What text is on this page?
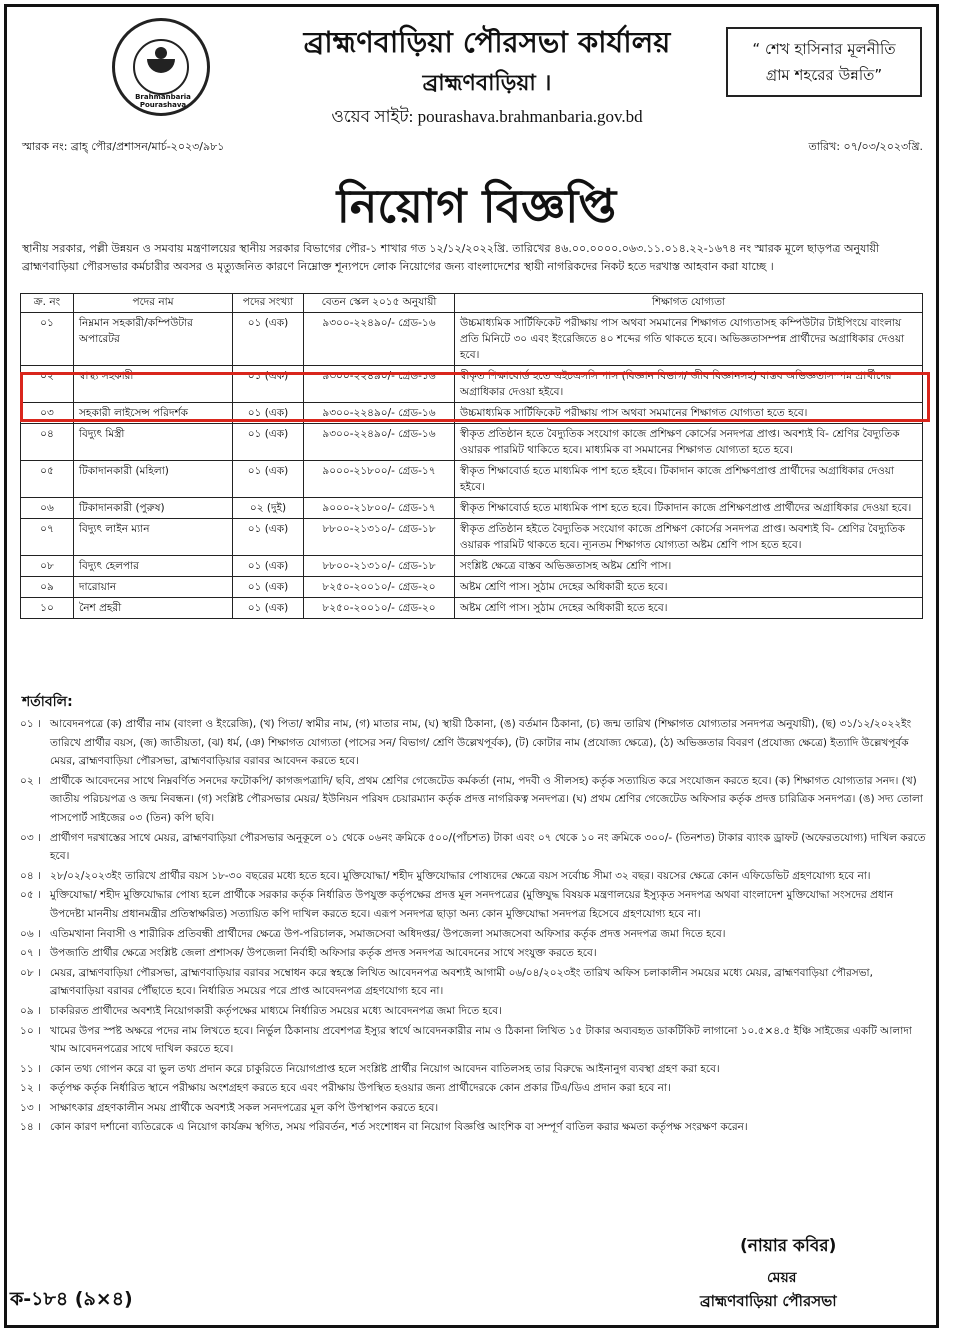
Brahmanbaria Pourashava
ব্রাহ্মণবাড়িয়া পৌরসভা কার্যালয়
ব্রাহ্মণবাড়িয়া ।
ওয়েব সাইট: pourashava.brahmanbaria.gov.bd
“ শেখ হাসিনার মূলনীতি
গ্রাম শহরের উন্নতি”
স্মারক নং: ব্রাহ্‌ পৌর/প্রশাসন/মার্চ-২০২৩/৯৮১	তারিখ: ০৭/০৩/২০২৩খ্রি.
নিয়োগ বিজ্ঞপ্তি
স্থানীয় সরকার, পল্লী উন্নয়ন ও সমবায় মন্ত্রণালয়ের স্থানীয় সরকার বিভাগের পৌর-১ শাখার গত ১২/১২/২০২২খ্রি. তারিখের ৪৬.০০.০০০০.০৬৩.১১.০১৪.২২-১৬৭৪ নং স্মারক মূলে ছাড়পত্র অনুযায়ী ব্রাহ্মণবাড়িয়া পৌরসভার কর্মচারীর অবসর ও মৃত্যুজনিত কারণে নিম্নোক্ত শূন্যপদে লোক নিয়োগের জন্য বাংলাদেশের স্থায়ী নাগরিকদের নিকট হতে দরখাস্ত আহবান করা যাচ্ছে ।
ক্র. নং	পদের নাম	পদের সংখ্যা	বেতন স্কেল ২০১৫ অনুযায়ী	শিক্ষাগত যোগ্যতা
০১	নিম্নমান সহকারী/কম্পিউটার অপারেটর	০১ (এক)	৯৩০০-২২৪৯০/- গ্রেড-১৬	উচ্চমাধ্যমিক সার্টিফিকেট পরীক্ষায় পাস অথবা সমমানের শিক্ষাগত যোগ্যতাসহ কম্পিউটার টাইপিংয়ে বাংলায় প্রতি মিনিটে ৩০ এবং ইংরেজিতে ৪০ শব্দের গতি থাকতে হবে। অভিজ্ঞতাসম্পন্ন প্রার্থীদের অগ্রাধিকার দেওয়া হবে।
০২	স্বাস্থ্য সহকারী	০১ (এক)	৯৩০০-২২৪৯০/- গ্রেড-১৬	স্বীকৃত শিক্ষাবোর্ড হতে এইচএসসি পাস (বিজ্ঞান বিভাগ/ জীব বিজ্ঞানসহ) বাস্তব অভিজ্ঞতাসম্পন্ন প্রার্থীদের অগ্রাধিকার দেওয়া হইবে।
০৩	সহকারী লাইসেন্স পরিদর্শক	০১ (এক)	৯৩০০-২২৪৯০/- গ্রেড-১৬	উচ্চমাধ্যমিক সার্টিফিকেট পরীক্ষায় পাস অথবা সমমানের শিক্ষাগত যোগ্যতা হতে হবে।
০৪	বিদ্যুৎ মিস্ত্রী	০১ (এক)	৯৩০০-২২৪৯০/- গ্রেড-১৬	স্বীকৃত প্রতিষ্ঠান হতে বৈদ্যুতিক সংযোগ কাজে প্রশিক্ষণ কোর্সের সনদপত্র প্রাপ্ত। অবশ্যই বি- শ্রেণির বৈদ্যুতিক ওয়ারক পারমিট থাকিতে হবে। মাধ্যমিক বা সমমানের শিক্ষাগত যোগ্যতা হতে হবে।
০৫	টিকাদানকারী (মহিলা)	০১ (এক)	৯০০০-২১৮০০/- গ্রেড-১৭	স্বীকৃত শিক্ষাবোর্ড হতে মাধ্যমিক পাশ হতে হইবে। টিকাদান কাজে প্রশিক্ষণপ্রাপ্ত প্রার্থীদের অগ্রাধিকার দেওয়া হইবে।
০৬	টিকাদানকারী (পুরুষ)	০২ (দুই)	৯০০০-২১৮০০/- গ্রেড-১৭	স্বীকৃত শিক্ষাবোর্ড হতে মাধ্যমিক পাশ হতে হবে। টিকাদান কাজে প্রশিক্ষণপ্রাপ্ত প্রার্থীদের অগ্রাধিকার দেওয়া হবে।
০৭	বিদ্যুৎ লাইন ম্যান	০১ (এক)	৮৮০০-২১৩১০/- গ্রেড-১৮	স্বীকৃত প্রতিষ্ঠান হইতে বৈদ্যুতিক সংযোগ কাজে প্রশিক্ষণ কোর্সের সনদপত্র প্রাপ্ত। অবশ্যই বি- শ্রেণির বৈদ্যুতিক ওয়ারক পারমিট থাকতে হবে। ন্যূনতম শিক্ষাগত যোগ্যতা অষ্টম শ্রেণি পাস হতে হবে।
০৮	বিদ্যুৎ হেলপার	০১ (এক)	৮৮০০-২১৩১০/- গ্রেড-১৮	সংশ্লিষ্ট ক্ষেত্রে বাস্তব অভিজ্ঞতাসহ অষ্টম শ্রেণি পাস।
০৯	দারোয়ান	০১ (এক)	৮২৫০-২০০১০/- গ্রেড-২০	অষ্টম শ্রেণি পাস। সুঠাম দেহের অধিকারী হতে হবে।
১০	নৈশ প্রহরী	০১ (এক)	৮২৫০-২০০১০/- গ্রেড-২০	অষ্টম শ্রেণি পাস। সুঠাম দেহের অধিকারী হতে হবে।
শর্তাবলি:
০১ । আবেদনপত্রে (ক) প্রার্থীর নাম (বাংলা ও ইংরেজি), (খ) পিতা/ স্বামীর নাম, (গ) মাতার নাম, (ঘ) স্থায়ী ঠিকানা, (ঙ) বর্তমান ঠিকানা, (চ) জন্ম তারিখ (শিক্ষাগত যোগ্যতার সনদপত্র অনুযায়ী), (ছ) ৩১/১২/২০২২ইং তারিখে প্রার্থীর বয়স, (জ) জাতীয়তা, (ঝ) ধর্ম, (ঞ) শিক্ষাগত যোগ্যতা (পাসের সন/ বিভাগ/ শ্রেণি উল্লেখপূর্বক), (ট) কোটার নাম (প্রযোজ্য ক্ষেত্রে), (ঠ) অভিজ্ঞতার বিবরণ (প্রযোজ্য ক্ষেত্রে) ইত্যাদি উল্লেখপূর্বক মেয়র, ব্রাহ্মণবাড়িয়া পৌরসভা, ব্রাহ্মণবাড়িয়ার বরাবর আবেদন করতে হবে।
০২ । প্রার্থীকে আবেদনের সাথে নিম্নবর্ণিত সনদের ফটোকপি/ কাগজপত্রাদি/ ছবি, প্রথম শ্রেণির গেজেটেড কর্মকর্তা (নাম, পদবী ও সীলসহ) কর্তৃক সত্যায়িত করে সংযোজন করতে হবে। (ক) শিক্ষাগত যোগ্যতার সনদ। (খ) জাতীয় পরিচয়পত্র ও জন্ম নিবন্ধন। (গ) সংশ্লিষ্ট পৌরসভার মেয়র/ ইউনিয়ন পরিষদ চেয়ারম্যান কর্তৃক প্রদত্ত নাগরিকত্ব সনদপত্র। (ঘ) প্রথম শ্রেণির গেজেটেড অফিসার কর্তৃক প্রদত্ত চারিত্রিক সনদপত্র। (ঙ) সদ্য তোলা পাসপোর্ট সাইজের ০৩ (তিন) কপি ছবি।
০৩ । প্রার্থীগণ দরখাস্তের সাথে মেয়র, ব্রাহ্মণবাড়িয়া পৌরসভার অনুকূলে ০১ থেকে ০৬নং ক্রমিকে ৫০০/(পাঁচশত) টাকা এবং ০৭ থেকে ১০ নং ক্রমিকে ৩০০/- (তিনশত) টাকার ব্যাংক ড্রাফট (অফেরতযোগ্য) দাখিল করতে হবে।
০৪ । ২৮/০২/২০২৩ইং তারিখে প্রার্থীর বয়স ১৮-৩০ বছরের মধ্যে হতে হবে। মুক্তিযোদ্ধা/ শহীদ মুক্তিযোদ্ধার পোষ্যদের ক্ষেত্রে বয়স সর্বোচ্চ সীমা ৩২ বছর। বয়সের ক্ষেত্রে কোন এফিডেভিট গ্রহণযোগ্য হবে না।
০৫ । মুক্তিযোদ্ধা/ শহীদ মুক্তিযোদ্ধার পোষ্য হলে প্রার্থীকে সরকার কর্তৃক নির্ধারিত উপযুক্ত কর্তৃপক্ষের প্রদত্ত মূল সনদপত্রের (মুক্তিযুদ্ধ বিষয়ক মন্ত্রণালয়ের ইস্যুকৃত সনদপত্র অথবা বাংলাদেশ মুক্তিযোদ্ধা সংসদের প্রধান উপদেষ্টা মাননীয় প্রধানমন্ত্রীর প্রতিস্বাক্ষরিত) সত্যায়িত কপি দাখিল করতে হবে। এরূপ সনদপত্র ছাড়া অন্য কোন মুক্তিযোদ্ধা সনদপত্র হিসেবে গ্রহণযোগ্য হবে না।
০৬ । এতিমখানা নিবাসী ও শারীরিক প্রতিবন্ধী প্রার্থীদের ক্ষেত্রে উপ-পরিচালক, সমাজসেবা অধিদপ্তর/ উপজেলা সমাজসেবা অফিসার কর্তৃক প্রদত্ত সনদপত্র জমা দিতে হবে।
০৭ । উপজাতি প্রার্থীর ক্ষেত্রে সংশ্লিষ্ট জেলা প্রশাসক/ উপজেলা নির্বাহী অফিসার কর্তৃক প্রদত্ত সনদপত্র আবেদনের সাথে সংযুক্ত করতে হবে।
০৮ । মেয়র, ব্রাহ্মণবাড়িয়া পৌরসভা, ব্রাহ্মণবাড়িয়ার বরাবর সম্বোধন করে স্বহস্তে লিখিত আবেদনপত্র অবশ্যই আগামী ০৬/০৪/২০২৩ইং তারিখ অফিস চলাকালীন সময়ের মধ্যে মেয়র, ব্রাহ্মণবাড়িয়া পৌরসভা, ব্রাহ্মণবাড়িয়া বরাবর পৌঁছাতে হবে। নির্ধারিত সময়ের পরে প্রাপ্ত আবেদনপত্র গ্রহণযোগ্য হবে না।
০৯ । চাকরিরত প্রার্থীদের অবশ্যই নিয়োগকারী কর্তৃপক্ষের মাধ্যমে নির্ধারিত সময়ের মধ্যে আবেদনপত্র জমা দিতে হবে।
১০ । খামের উপর স্পষ্ট অক্ষরে পদের নাম লিখতে হবে। নির্ভুল ঠিকানায় প্রবেশপত্র ইস্যুর স্বার্থে আবেদনকারীর নাম ও ঠিকানা লিখিত ১৫ টাকার অব্যবহৃত ডাকটিকিট লাগানো ১০.৫×৪.৫ ইঞ্চি সাইজের একটি আলাদা খাম আবেদনপত্রের সাথে দাখিল করতে হবে।
১১ । কোন তথ্য গোপন করে বা ভুল তথ্য প্রদান করে চাকুরিতে নিয়োগপ্রাপ্ত হলে সংশ্লিষ্ট প্রার্থীর নিয়োগ আবেদন বাতিলসহ তার বিরুদ্ধে আইনানুগ ব্যবস্থা গ্রহণ করা হবে।
১২ । কর্তৃপক্ষ কর্তৃক নির্ধারিত স্থানে পরীক্ষায় অংশগ্রহণ করতে হবে এবং পরীক্ষায় উপস্থিত হওয়ার জন্য প্রার্থীদেরকে কোন প্রকার টিএ/ডিএ প্রদান করা হবে না।
১৩ । সাক্ষাৎকার গ্রহণকালীন সময় প্রার্থীকে অবশ্যই সকল সনদপত্রের মূল কপি উপস্থাপন করতে হবে।
১৪ । কোন কারণ দর্শানো ব্যতিরেকে এ নিয়োগ কার্যক্রম স্থগিত, সময় পরিবর্তন, শর্ত সংশোধন বা নিয়োগ বিজ্ঞপ্তি আংশিক বা সম্পূর্ণ বাতিল করার ক্ষমতা কর্তৃপক্ষ সংরক্ষণ করেন।
(নায়ার কবির)
মেয়র
ব্রাহ্মণবাড়িয়া পৌরসভা
ক-১৮৪ (৯×৪)
